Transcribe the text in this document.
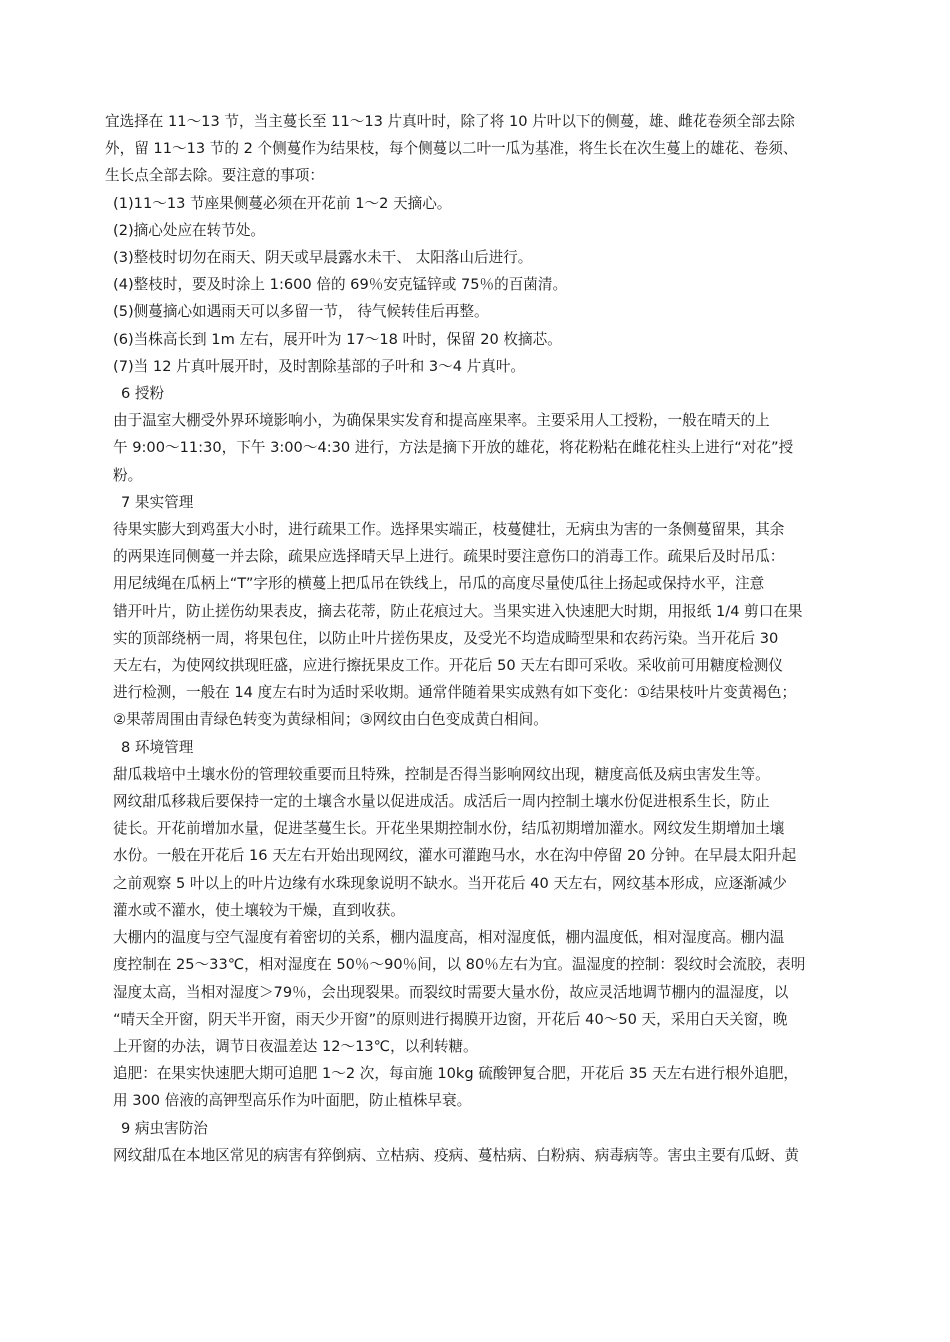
宜选择在 11～13 节，当主蔓长至 11～13 片真叶时，除了将 10 片叶以下的侧蔓，雄、雌花卷须全部去除
外，留 11～13 节的 2 个侧蔓作为结果枝，每个侧蔓以二叶一瓜为基准，将生长在次生蔓上的雄花、卷须、
生长点全部去除。要注意的事项：
(1)11～13 节座果侧蔓必须在开花前 1～2 天摘心。
(2)摘心处应在转节处。
(3)整枝时切勿在雨天、阴天或早晨露水未干、 太阳落山后进行。
(4)整枝时，要及时涂上 1:600 倍的 69％安克锰锌或 75％的百菌清。
(5)侧蔓摘心如遇雨天可以多留一节， 待气候转佳后再整。
(6)当株高长到 1m 左右，展开叶为 17～18 叶时，保留 20 枚摘芯。
(7)当 12 片真叶展开时，及时割除基部的子叶和 3～4 片真叶。
6 授粉
由于温室大棚受外界环境影响小，为确保果实发育和提高座果率。主要采用人工授粉，一般在晴天的上
午 9:00～11:30，下午 3:00～4:30 进行，方法是摘下开放的雄花，将花粉粘在雌花柱头上进行“对花”授
粉。
7 果实管理
待果实膨大到鸡蛋大小时，进行疏果工作。选择果实端正，枝蔓健壮，无病虫为害的一条侧蔓留果，其余
的两果连同侧蔓一并去除，疏果应选择晴天早上进行。疏果时要注意伤口的消毒工作。疏果后及时吊瓜：
用尼绒绳在瓜柄上“T”字形的横蔓上把瓜吊在铁线上，吊瓜的高度尽量使瓜往上扬起或保持水平，注意
错开叶片，防止搓伤幼果表皮，摘去花蒂，防止花痕过大。当果实进入快速肥大时期，用报纸 1/4 剪口在果
实的顶部绕柄一周，将果包住，以防止叶片搓伤果皮，及受光不均造成畸型果和农药污染。当开花后 30
天左右，为使网纹拱现旺盛，应进行擦抚果皮工作。开花后 50 天左右即可采收。采收前可用糖度检测仪
进行检测，一般在 14 度左右时为适时采收期。通常伴随着果实成熟有如下变化：①结果枝叶片变黄褐色；
②果蒂周围由青绿色转变为黄绿相间；③网纹由白色变成黄白相间。
8 环境管理
甜瓜栽培中土壤水份的管理较重要而且特殊，控制是否得当影响网纹出现，糖度高低及病虫害发生等。
网纹甜瓜移栽后要保持一定的土壤含水量以促进成活。成活后一周内控制土壤水份促进根系生长，防止
徒长。开花前增加水量，促进茎蔓生长。开花坐果期控制水份，结瓜初期增加灌水。网纹发生期增加土壤
水份。一般在开花后 16 天左右开始出现网纹，灌水可灌跑马水，水在沟中停留 20 分钟。在早晨太阳升起
之前观察 5 叶以上的叶片边缘有水珠现象说明不缺水。当开花后 40 天左右，网纹基本形成，应逐渐减少
灌水或不灌水，使土壤较为干燥，直到收获。
大棚内的温度与空气湿度有着密切的关系，棚内温度高，相对湿度低，棚内温度低，相对湿度高。棚内温
度控制在 25～33℃，相对湿度在 50％～90％间，以 80％左右为宜。温湿度的控制：裂纹时会流胶，表明
湿度太高，当相对湿度＞79％，会出现裂果。而裂纹时需要大量水份，故应灵活地调节棚内的温湿度，以
“晴天全开窗，阴天半开窗，雨天少开窗”的原则进行揭膜开边窗，开花后 40～50 天，采用白天关窗，晚
上开窗的办法，调节日夜温差达 12～13℃，以利转糖。
追肥：在果实快速肥大期可追肥 1～2 次，每亩施 10kg 硫酸钾复合肥，开花后 35 天左右进行根外追肥，
用 300 倍液的高钾型高乐作为叶面肥，防止植株早衰。
9 病虫害防治
网纹甜瓜在本地区常见的病害有猝倒病、立枯病、疫病、蔓枯病、白粉病、病毒病等。害虫主要有瓜蚜、黄
